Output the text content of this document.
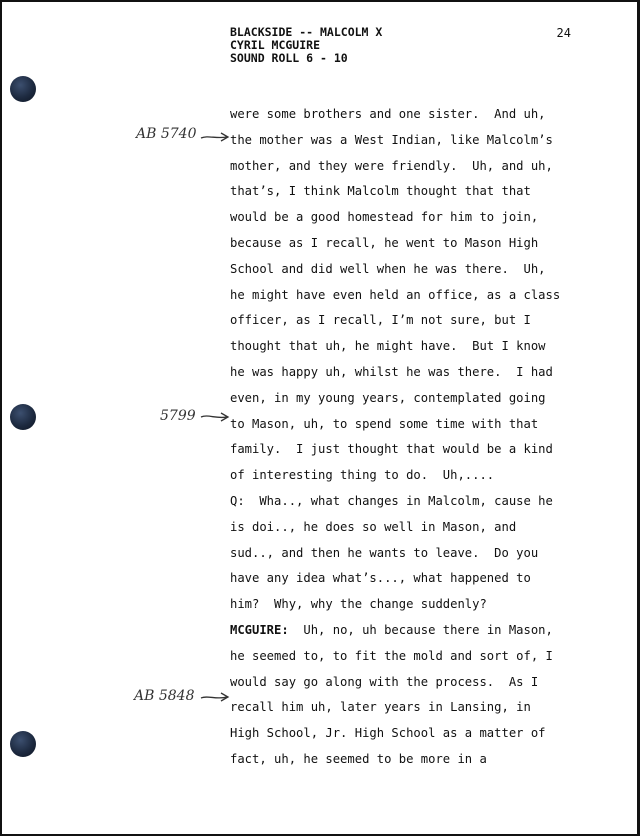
BLACKSIDE -- MALCOLM X
CYRIL MCGUIRE
SOUND ROLL 6 - 10
24
AB 5740
5799
AB 5848
were some brothers and one sister.  And uh,
the mother was a West Indian, like Malcolm’s
mother, and they were friendly.  Uh, and uh,
that’s, I think Malcolm thought that that
would be a good homestead for him to join,
because as I recall, he went to Mason High
School and did well when he was there.  Uh,
he might have even held an office, as a class
officer, as I recall, I’m not sure, but I
thought that uh, he might have.  But I know
he was happy uh, whilst he was there.  I had
even, in my young years, contemplated going
to Mason, uh, to spend some time with that
family.  I just thought that would be a kind
of interesting thing to do.  Uh,....
Q:  Wha.., what changes in Malcolm, cause he
is doi.., he does so well in Mason, and
sud.., and then he wants to leave.  Do you
have any idea what’s..., what happened to
him?  Why, why the change suddenly?
MCGUIRE:  Uh, no, uh because there in Mason,
he seemed to, to fit the mold and sort of, I
would say go along with the process.  As I
recall him uh, later years in Lansing, in
High School, Jr. High School as a matter of
fact, uh, he seemed to be more in a
